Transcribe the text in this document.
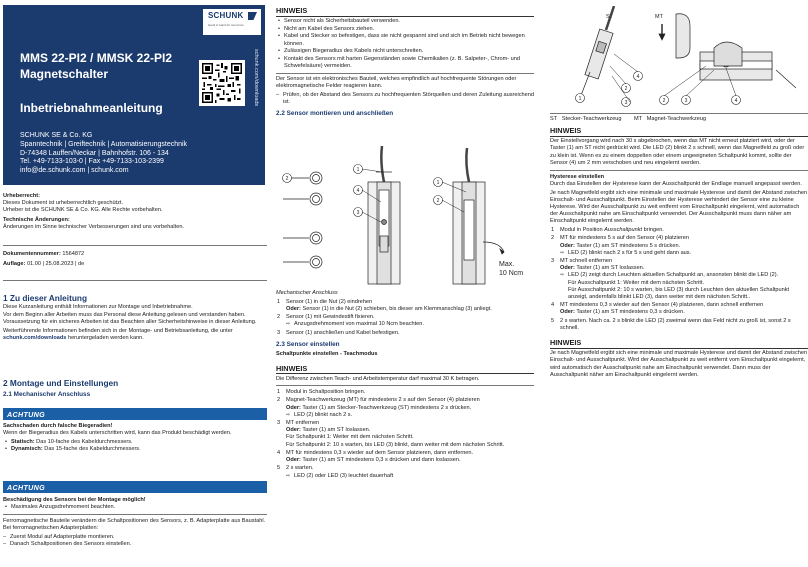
SCHUNK
Hand in hand for tomorrow
schunk.com/downloads
MMS 22-PI2 / MMSK 22-PI2
Magnetschalter
Inbetriebnahmeanleitung
SCHUNK SE & Co. KG
Spanntechnik | Greiftechnik | Automatisierungstechnik
D-74348 Lauffen/Neckar | Bahnhofstr. 106 - 134
Tel. +49-7133-103-0 | Fax +49-7133-103-2399
info@de.schunk.com | schunk.com
Urheberrecht:
Dieses Dokument ist urheberrechtlich geschützt.
Urheber ist die SCHUNK SE & Co. KG. Alle Rechte vorbehalten.
Technische Änderungen:
Änderungen im Sinne technischer Verbesserungen sind uns vorbehalten.
Dokumentennummer: 1564872
Auflage: 01.00 | 25.08.2023 | de
1 Zu dieser Anleitung

Diese Kurzanleitung enthält Informationen zur Montage und Inbetriebnahme.

Vor dem Beginn aller Arbeiten muss das Personal diese Anleitung gelesen und verstanden haben. Voraussetzung für ein sicheres Arbeiten ist das Beachten aller Sicherheitshinweise in dieser Anleitung.

Weiterführende Informationen befinden sich in der Montage- und Betriebsanleitung, die unter schunk.com/downloads heruntergeladen werden kann.

2 Montage und Einstellungen
2.1 Mechanischer Anschluss
ACHTUNG
Sachschaden durch falsche Biegeradien!

Wenn der Biegeradius des Kabels unterschritten wird, kann das Produkt beschädigt werden.

• Statisch: Das 10-fache des Kabeldurchmessers.
• Dynamisch: Das 15-fache des Kabeldurchmessers.
ACHTUNG
Beschädigung des Sensors bei der Montage möglich!
• Maximales Anzugsdrehmoment beachten.

Ferromagnetische Bauteile verändern die Schaltpositionen des Sensors, z. B. Adapterplatte aus Baustahl. Bei ferromagnetischen Adapterplatten:

– Zuerst Modul auf Adapterplatte montieren.
– Danach Schaltpositionen des Sensors einstellen.
HINWEIS
• Sensor nicht als Sicherheitsbauteil verwenden.
• Nicht am Kabel des Sensors ziehen.
• Kabel und Stecker so befestigen, dass sie nicht gespannt sind und sich im Betrieb nicht bewegen können.
• Zulässigen Biegeradius des Kabels nicht unterschreiten.
• Kontakt des Sensors mit harten Gegenständen sowie Chemikalien (z. B. Salpeter-, Chrom- und Schwefelsäure) vermeiden.

Der Sensor ist ein elektronisches Bauteil, welches empfindlich auf hochfrequente Störungen oder elektromagnetische Felder reagieren kann.

– Prüfen, ob der Abstand des Sensors zu hochfrequenten Störquellen und deren Zuleitung ausreichend ist.
2.2 Sensor montieren und anschließen
2
1
4
3
1
2
Max.
10 Ncm
Mechanischer Anschluss
1 Sensor (1) in die Nut (2) eindrehen
Oder: Sensor (1) in die Nut (2) schieben, bis dieser am Klemmanschlag (3) anliegt.
2 Sensor (1) mit Gewindestift fixieren.
⇨ Anzugsdrehmoment von maximal 10 Ncm beachten.
3 Sensor (1) anschließen und Kabel befestigen.
2.3 Sensor einstellen
Schaltpunkte einstellen - Teachmodus
HINWEIS

Die Differenz zwischen Teach- und Arbeitstemperatur darf maximal 30 K betragen.

1 Modul in Schaltposition bringen.
2 Magnet-Teachwerkzeug (MT) für mindestens 2 s auf den Sensor (4) platzieren
Oder: Taster (1) am Stecker-Teachwerkzeug (ST) mindestens 2 s drücken.
⇨ LED (2) blinkt nach 2 s.
3 MT entfernen
Oder: Taster (1) am ST loslassen.
Für Schaltpunkt 1: Weiter mit dem nächsten Schritt.
Für Schaltpunkt 2: 10 s warten, bis LED (3) blinkt, dann weiter mit dem nächsten Schritt.
4 MT für mindestens 0,3 s wieder auf dem Sensor platzieren, dann entfernen.
Oder: Taster (1) am ST mindestens 0,3 s drücken und dann loslassen.
5 2 s warten.
⇨ LED (2) oder LED (3) leuchtet dauerhaft
ST	MT
1
2
3
4
2	3	4
ST Stecker-Teachwerkzeug MT Magnet-Teachwerkzeug
HINWEIS

Der Einstellvorgang wird nach 30 s abgebrochen, wenn das MT nicht erneut platziert wird, oder der Taster (1) am ST nicht gedrückt wird. Die LED (2) blinkt 2 s schnell, wenn das Magnetfeld zu groß oder zu klein ist. Wenn es zu einem doppelten oder einem ungeeigneten Schaltpunkt kommt, sollte der Sensor (4) um 2 mm verschoben und neu eingelernt werden.

Hysterese einstellen

Durch das Einstellen der Hysterese kann der Ausschaltpunkt der Endlage manuell angepasst werden.

Je nach Magnetfeld ergibt sich eine minimale und maximale Hysterese und damit der Abstand zwischen Einschalt- und Ausschaltpunkt. Beim Einstellen der Hysterese verhindert der Sensor eine zu kleine Hysterese. Wird der Ausschaltpunkt zu weit entfernt vom Einschaltpunkt eingelernt, wird automatisch der Ausschaltpunkt nahe am Einschaltpunkt verwendet. Der Ausschaltpunkt muss dann näher am Einschaltpunkt eingelernt werden.

1 Modul in Position Ausschaltpunkt bringen.
2 MT für mindestens 5 s auf den Sensor (4) platzieren
Oder: Taster (1) am ST mindestens 5 s drücken.
⇨ LED (2) blinkt nach 2 s für 5 s und geht dann aus.
3 MT schnell entfernen
Oder: Taster (1) am ST loslassen.
⇨ LED (2) zeigt durch Leuchten aktuellen Schaltpunkt an, ansonsten blinkt die LED (2).
Für Ausschaltpunkt 1: Weiter mit dem nächsten Schritt.
Für Ausschaltpunkt 2: 10 s warten, bis LED (3) durch Leuchten den aktuellen Schaltpunkt anzeigt, andernfalls blinkt LED (3), dann weiter mit dem nächsten Schritt..
4 MT mindestens 0,3 s wieder auf den Sensor (4) platzieren, dann schnell entfernen
Oder: Taster (1) am ST mindestens 0,3 s drücken.
5 2 s warten. Nach ca. 2 s blinkt die LED (2) zweimal wenn das Feld nicht zu groß ist, sonst 2 s schnell.
HINWEIS

Je nach Magnetfeld ergibt sich eine minimale und maximale Hysterese und damit der Abstand zwischen Einschalt- und Ausschaltpunkt. Wird der Ausschaltpunkt zu weit entfernt vom Einschaltpunkt eingelernt, wird automatisch der Ausschaltpunkt nahe am Einschaltpunkt verwendet. Dann muss der Ausschaltpunkt näher am Einschaltpunkt eingelernt werden.
